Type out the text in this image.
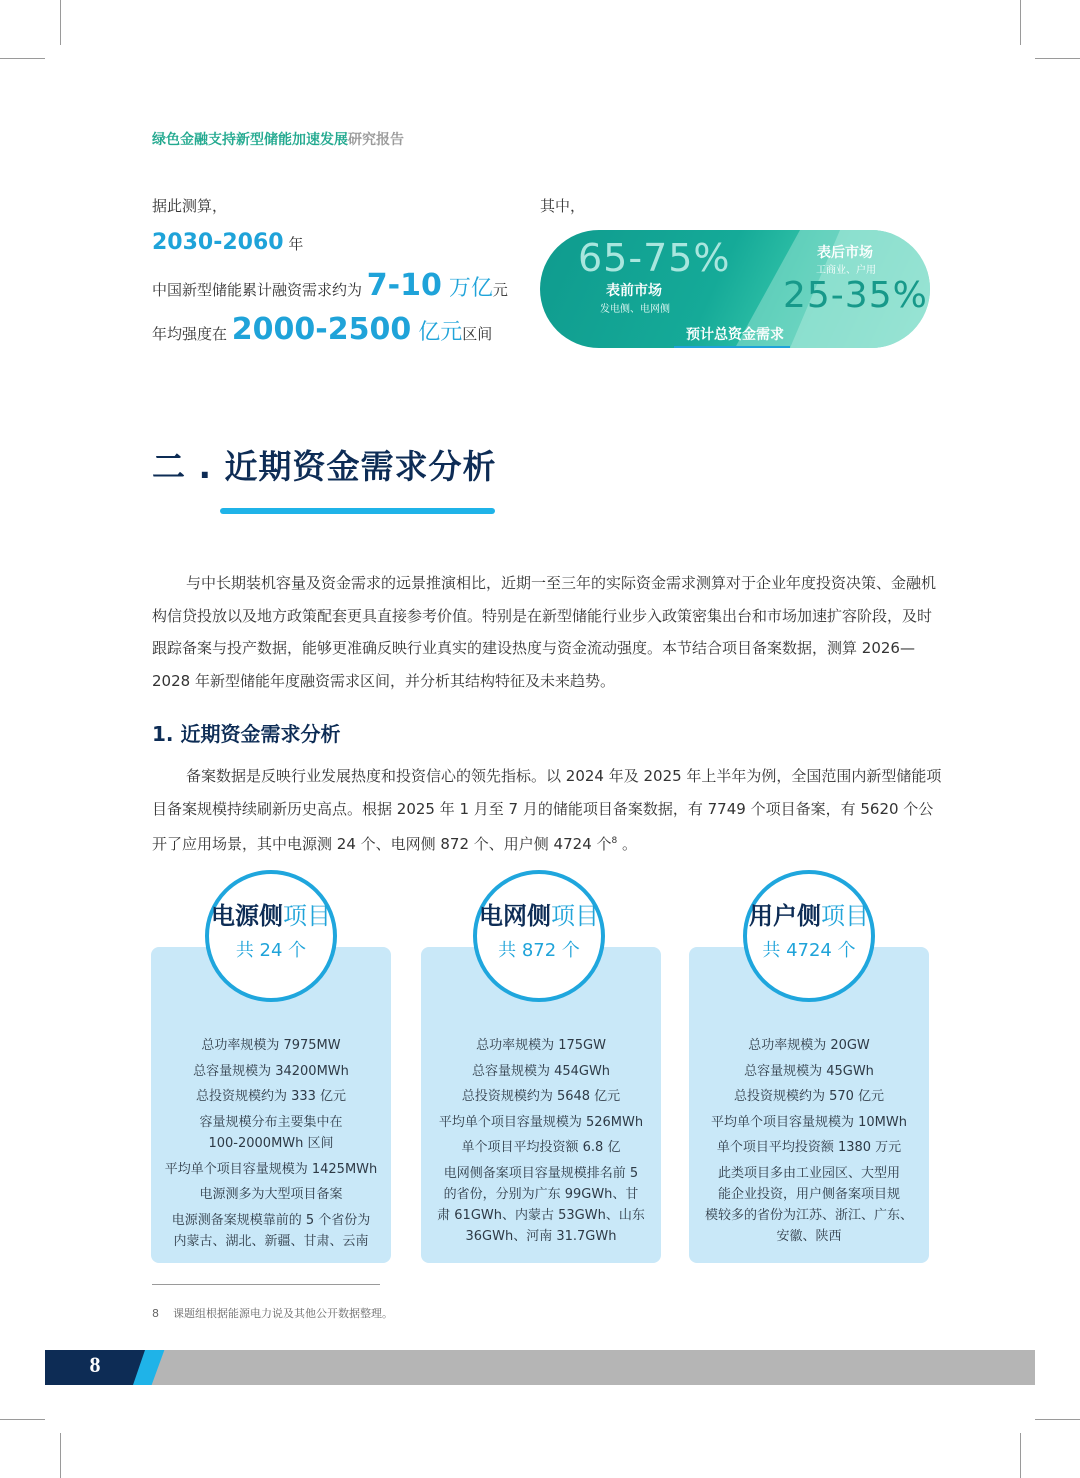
绿色金融支持新型储能加速发展研究报告
据此测算，
2030-2060 年
中国新型储能累计融资需求约为 7-10 万亿元
年均强度在 2000-2500 亿元区间
其中，
65-75%
表前市场
发电侧、电网侧
表后市场
工商业、户用
25-35%
预计总资金需求
二 . 近期资金需求分析

与中长期装机容量及资金需求的远景推演相比，近期一至三年的实际资金需求测算对于企业年度投资决策、金融机构信贷投放以及地方政策配套更具直接参考价值。特别是在新型储能行业步入政策密集出台和市场加速扩容阶段，及时跟踪备案与投产数据，能够更准确反映行业真实的建设热度与资金流动强度。本节结合项目备案数据，测算 2026—2028 年新型储能年度融资需求区间，并分析其结构特征及未来趋势。

1. 近期资金需求分析

备案数据是反映行业发展热度和投资信心的领先指标。以 2024 年及 2025 年上半年为例，全国范围内新型储能项目备案规模持续刷新历史高点。根据 2025 年 1 月至 7 月的储能项目备案数据，有 7749 个项目备案，有 5620 个公开了应用场景，其中电源测 24 个、电网侧 872 个、用户侧 4724 个$^8$ 。

总功率规模为 7975MW
总容量规模为 34200MWh
总投资规模约为 333 亿元
容量规模分布主要集中在
100-2000MWh 区间
平均单个项目容量规模为 1425MWh
电源测多为大型项目备案
电源测备案规模靠前的 5 个省份为
内蒙古、湖北、新疆、甘肃、云南
电源侧项目
共 24 个
总功率规模为 175GW
总容量规模为 454GWh
总投资规模约为 5648 亿元
平均单个项目容量规模为 526MWh
单个项目平均投资额 6.8 亿
电网侧备案项目容量规模排名前 5
的省份，分别为广东 99GWh、甘
肃 61GWh、内蒙古 53GWh、山东
36GWh、河南 31.7GWh
电网侧项目
共 872 个
总功率规模为 20GW
总容量规模为 45GWh
总投资规模约为 570 亿元
平均单个项目容量规模为 10MWh
单个项目平均投资额 1380 万元
此类项目多由工业园区、大型用
能企业投资，用户侧备案项目规
模较多的省份为江苏、浙江、广东、
安徽、陕西
用户侧项目
共 4724 个
8 课题组根据能源电力说及其他公开数据整理。
8
